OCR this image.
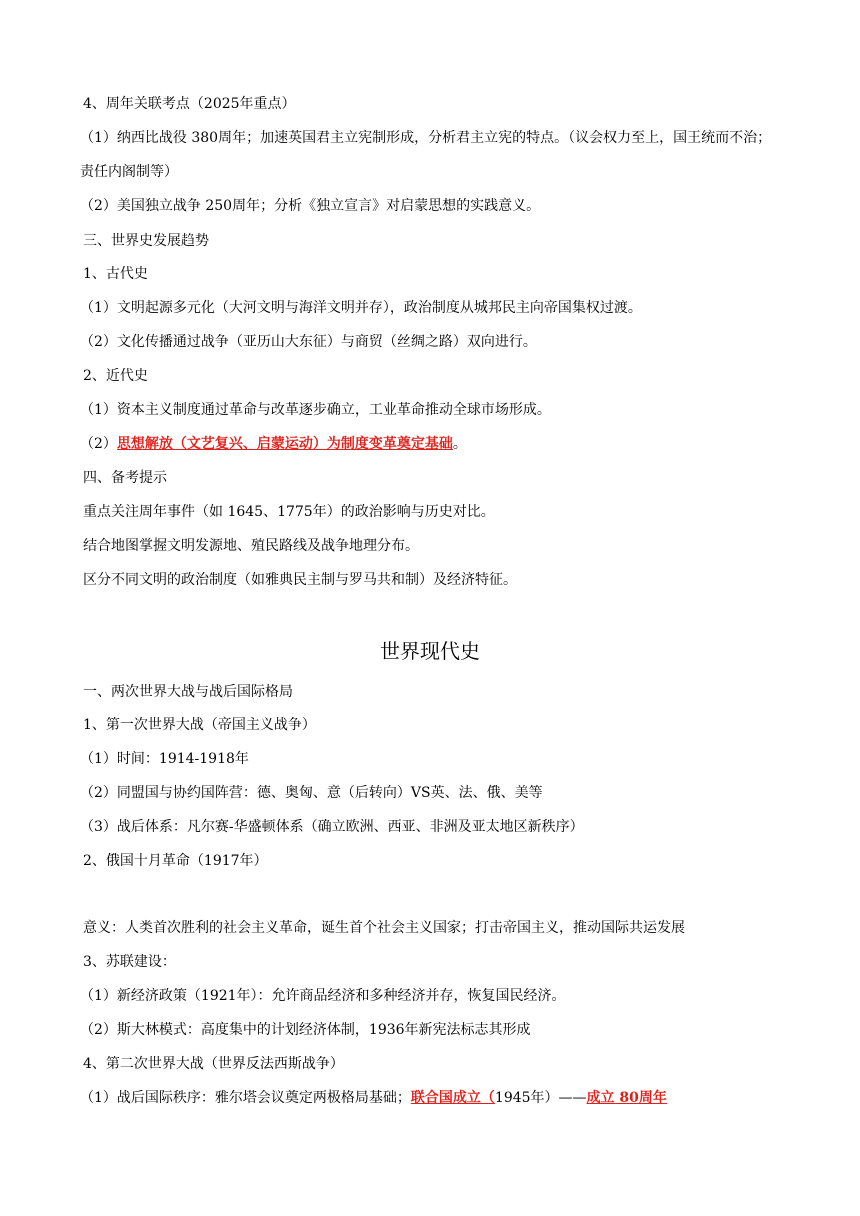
4、周年关联考点（2025年重点）
（1）纳西比战役 380周年；加速英国君主立宪制形成，分析君主立宪的特点。（议会权力至上，国王统而不治；责任内阁制等）
（2）美国独立战争 250周年；分析《独立宣言》对启蒙思想的实践意义。
三、世界史发展趋势
1、古代史
（1）文明起源多元化（大河文明与海洋文明并存），政治制度从城邦民主向帝国集权过渡。
（2）文化传播通过战争（亚历山大东征）与商贸（丝绸之路）双向进行。
2、近代史
（1）资本主义制度通过革命与改革逐步确立，工业革命推动全球市场形成。
（2）思想解放（文艺复兴、启蒙运动）为制度变革奠定基础。
四、备考提示
重点关注周年事件（如 1645、1775年）的政治影响与历史对比。
结合地图掌握文明发源地、殖民路线及战争地理分布。
区分不同文明的政治制度（如雅典民主制与罗马共和制）及经济特征。
世界现代史
一、两次世界大战与战后国际格局
1、第一次世界大战（帝国主义战争）
（1）时间：1914-1918年
（2）同盟国与协约国阵营：德、奥匈、意（后转向）VS英、法、俄、美等
（3）战后体系：凡尔赛-华盛顿体系（确立欧洲、西亚、非洲及亚太地区新秩序）
2、俄国十月革命（1917年）
意义：人类首次胜利的社会主义革命，诞生首个社会主义国家；打击帝国主义，推动国际共运发展
3、苏联建设：
（1）新经济政策（1921年）：允许商品经济和多种经济并存，恢复国民经济。
（2）斯大林模式：高度集中的计划经济体制，1936年新宪法标志其形成
4、第二次世界大战（世界反法西斯战争）
（1）战后国际秩序：雅尔塔会议奠定两极格局基础；联合国成立（1945年）——成立 80周年
